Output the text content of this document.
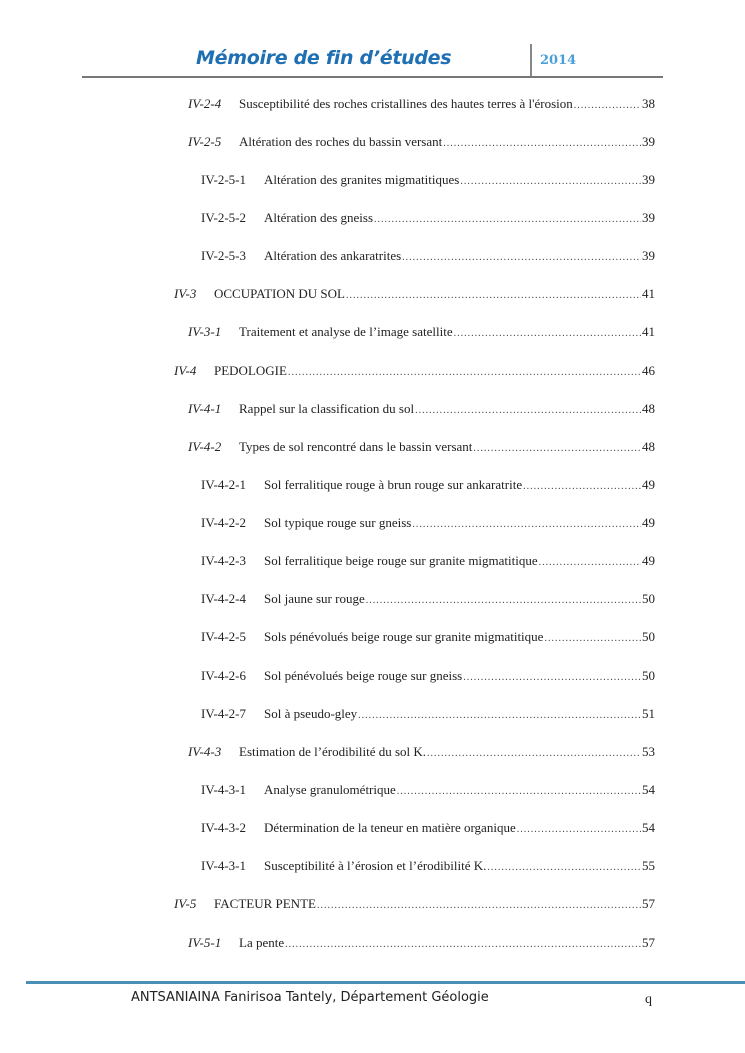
Mémoire de fin d’études	2014
IV-2-4	Susceptibilité des roches cristallines des hautes terres à l'érosion .....	38
IV-2-5	Altération des roches du bassin versant .....	39
IV-2-5-1	Altération des granites migmatitiques .....	39
IV-2-5-2	Altération des gneiss .....	39
IV-2-5-3	Altération des ankaratrites .....	39
IV-3	OCCUPATION DU SOL .....	41
IV-3-1	Traitement et analyse de l’image satellite .....	41
IV-4	PEDOLOGIE .....	46
IV-4-1	Rappel sur la classification du sol .....	48
IV-4-2	Types de sol rencontré dans le bassin versant .....	48
IV-4-2-1	Sol ferralitique rouge à brun rouge sur ankaratrite .....	49
IV-4-2-2	Sol typique rouge sur gneiss .....	49
IV-4-2-3	Sol ferralitique beige rouge sur granite migmatitique .....	49
IV-4-2-4	Sol jaune sur rouge .....	50
IV-4-2-5	Sols pénévolués beige rouge sur granite migmatitique .....	50
IV-4-2-6	Sol pénévolués beige rouge sur gneiss .....	50
IV-4-2-7	Sol à pseudo-gley .....	51
IV-4-3	Estimation de l’érodibilité du sol K. .....	53
IV-4-3-1	Analyse granulométrique .....	54
IV-4-3-2	Détermination de la teneur en matière organique .....	54
IV-4-3-1	Susceptibilité à l’érosion et l’érodibilité K. .....	55
IV-5	FACTEUR PENTE .....	57
IV-5-1	La pente .....	57
ANTSANIAINA Fanirisoa Tantely, Département Géologie	q
